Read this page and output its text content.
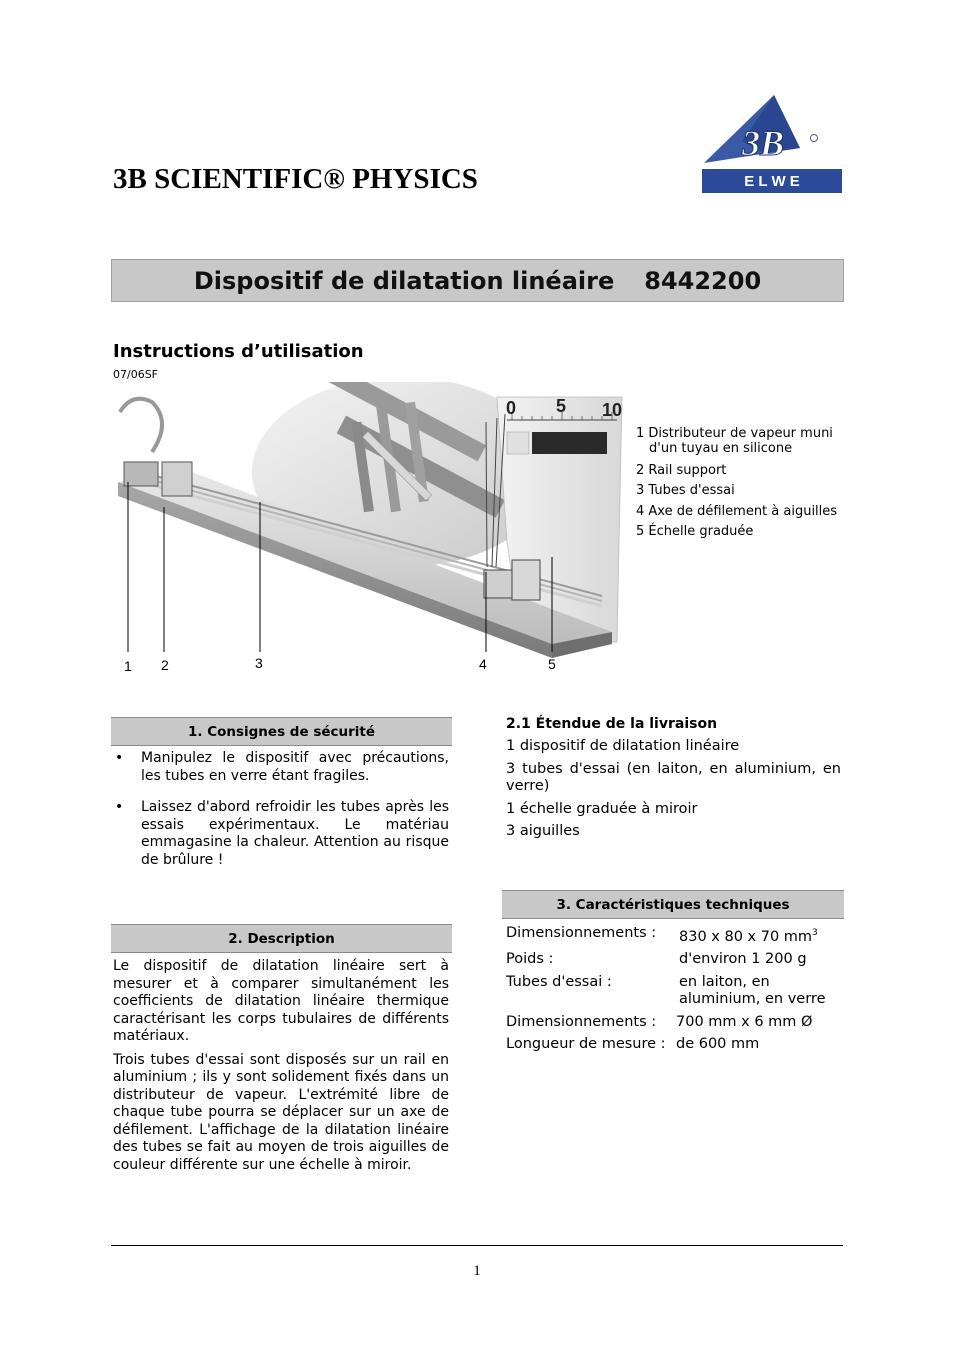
3B SCIENTIFIC® PHYSICS
3B
E L W E
Dispositif de dilatation linéaire 8442200
Instructions d’utilisation
07/06SF
0 5 10
1 2	3	4	5
1 Distributeur de vapeur muni
d'un tuyau en silicone
2 Rail support
3 Tubes d'essai
4 Axe de défilement à aiguilles
5 Échelle graduée
1. Consignes de sécurité
• Manipulez le dispositif avec précautions, les tubes en verre étant fragiles.
• Laissez d'abord refroidir les tubes après les essais expérimentaux. Le matériau emmagasine la chaleur. Attention au risque de brûlure !
2. Description

Le dispositif de dilatation linéaire sert à mesurer et à comparer simultanément les coefficients de dilatation linéaire thermique caractérisant les corps tubulaires de différents matériaux.

Trois tubes d'essai sont disposés sur un rail en aluminium ; ils y sont solidement fixés dans un distributeur de vapeur. L'extrémité libre de chaque tube pourra se déplacer sur un axe de défilement. L'affichage de la dilatation linéaire des tubes se fait au moyen de trois aiguilles de couleur différente sur une échelle à miroir.

2.1 Étendue de la livraison
1 dispositif de dilatation linéaire
3 tubes d'essai (en laiton, en aluminium, en verre)
1 échelle graduée à miroir
3 aiguilles
3. Caractéristiques techniques
Dimensionnements : 830 x 80 x 70 $mm^3$
Poids :	d'environ 1 200 g
Tubes d'essai :	en laiton, en aluminium, en verre
Dimensionnements : 700 mm x 6 mm Ø
Longueur de mesure : de 600 mm
1
